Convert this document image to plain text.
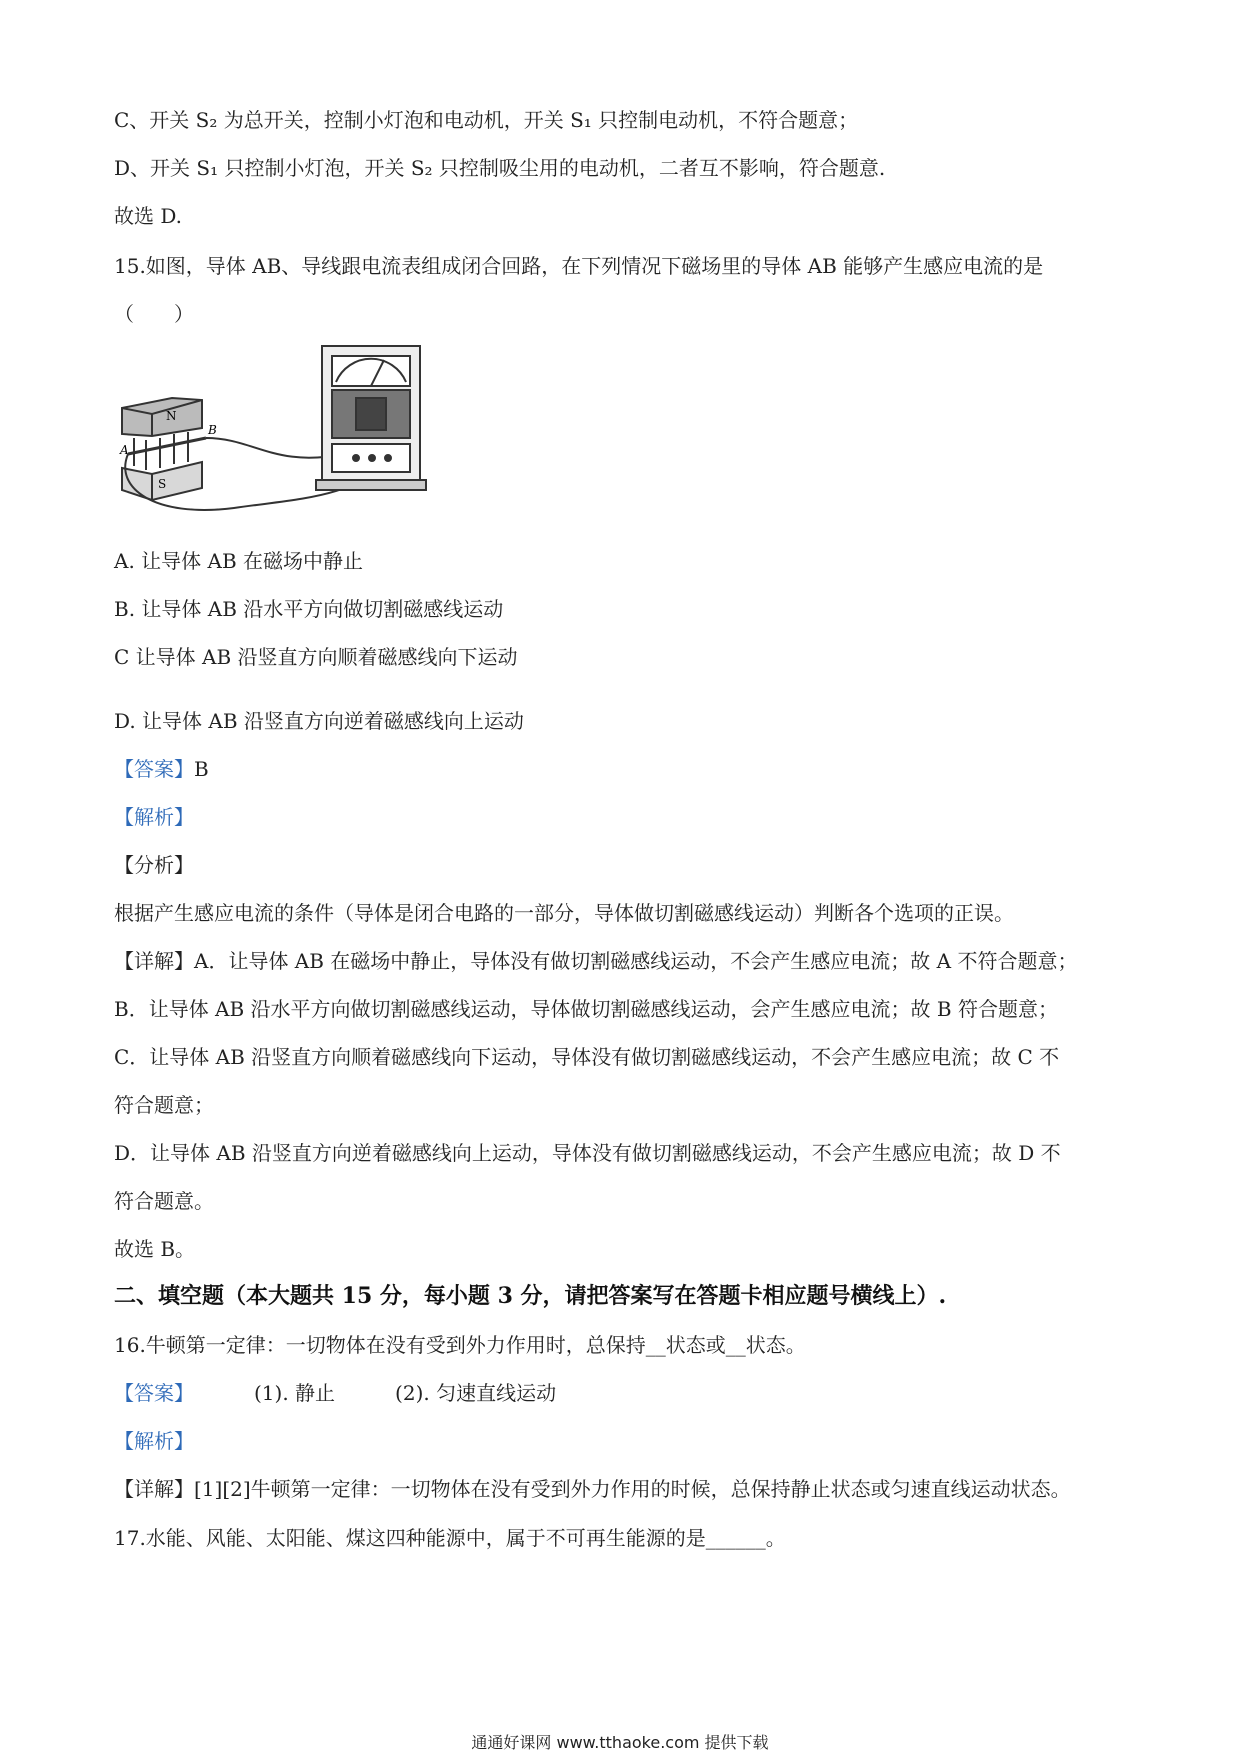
C、开关 S₂ 为总开关，控制小灯泡和电动机，开关 S₁ 只控制电动机，不符合题意；
D、开关 S₁ 只控制小灯泡，开关 S₂ 只控制吸尘用的电动机，二者互不影响，符合题意.
故选 D.
15.如图，导体 AB、导线跟电流表组成闭合回路，在下列情况下磁场里的导体 AB 能够产生感应电流的是
（　　）
N
S
A
B
A. 让导体 AB 在磁场中静止
B. 让导体 AB 沿水平方向做切割磁感线运动
C 让导体 AB 沿竖直方向顺着磁感线向下运动
D. 让导体 AB 沿竖直方向逆着磁感线向上运动
【答案】B
【解析】
【分析】
根据产生感应电流的条件（导体是闭合电路的一部分，导体做切割磁感线运动）判断各个选项的正误。
【详解】A．让导体 AB 在磁场中静止，导体没有做切割磁感线运动，不会产生感应电流；故 A 不符合题意；
B．让导体 AB 沿水平方向做切割磁感线运动，导体做切割磁感线运动，会产生感应电流；故 B 符合题意；
C．让导体 AB 沿竖直方向顺着磁感线向下运动，导体没有做切割磁感线运动，不会产生感应电流；故 C 不
符合题意；
D．让导体 AB 沿竖直方向逆着磁感线向上运动，导体没有做切割磁感线运动，不会产生感应电流；故 D 不
符合题意。
故选 B。
二、填空题（本大题共 15 分，每小题 3 分，请把答案写在答题卡相应题号横线上）.
16.牛顿第一定律：一切物体在没有受到外力作用时，总保持__状态或__状态。
【答案】	(1). 静止	(2). 匀速直线运动
【解析】
【详解】[1][2]牛顿第一定律：一切物体在没有受到外力作用的时候，总保持静止状态或匀速直线运动状态。
17.水能、风能、太阳能、煤这四种能源中，属于不可再生能源的是______。
通通好课网 www.tthaoke.com 提供下载
